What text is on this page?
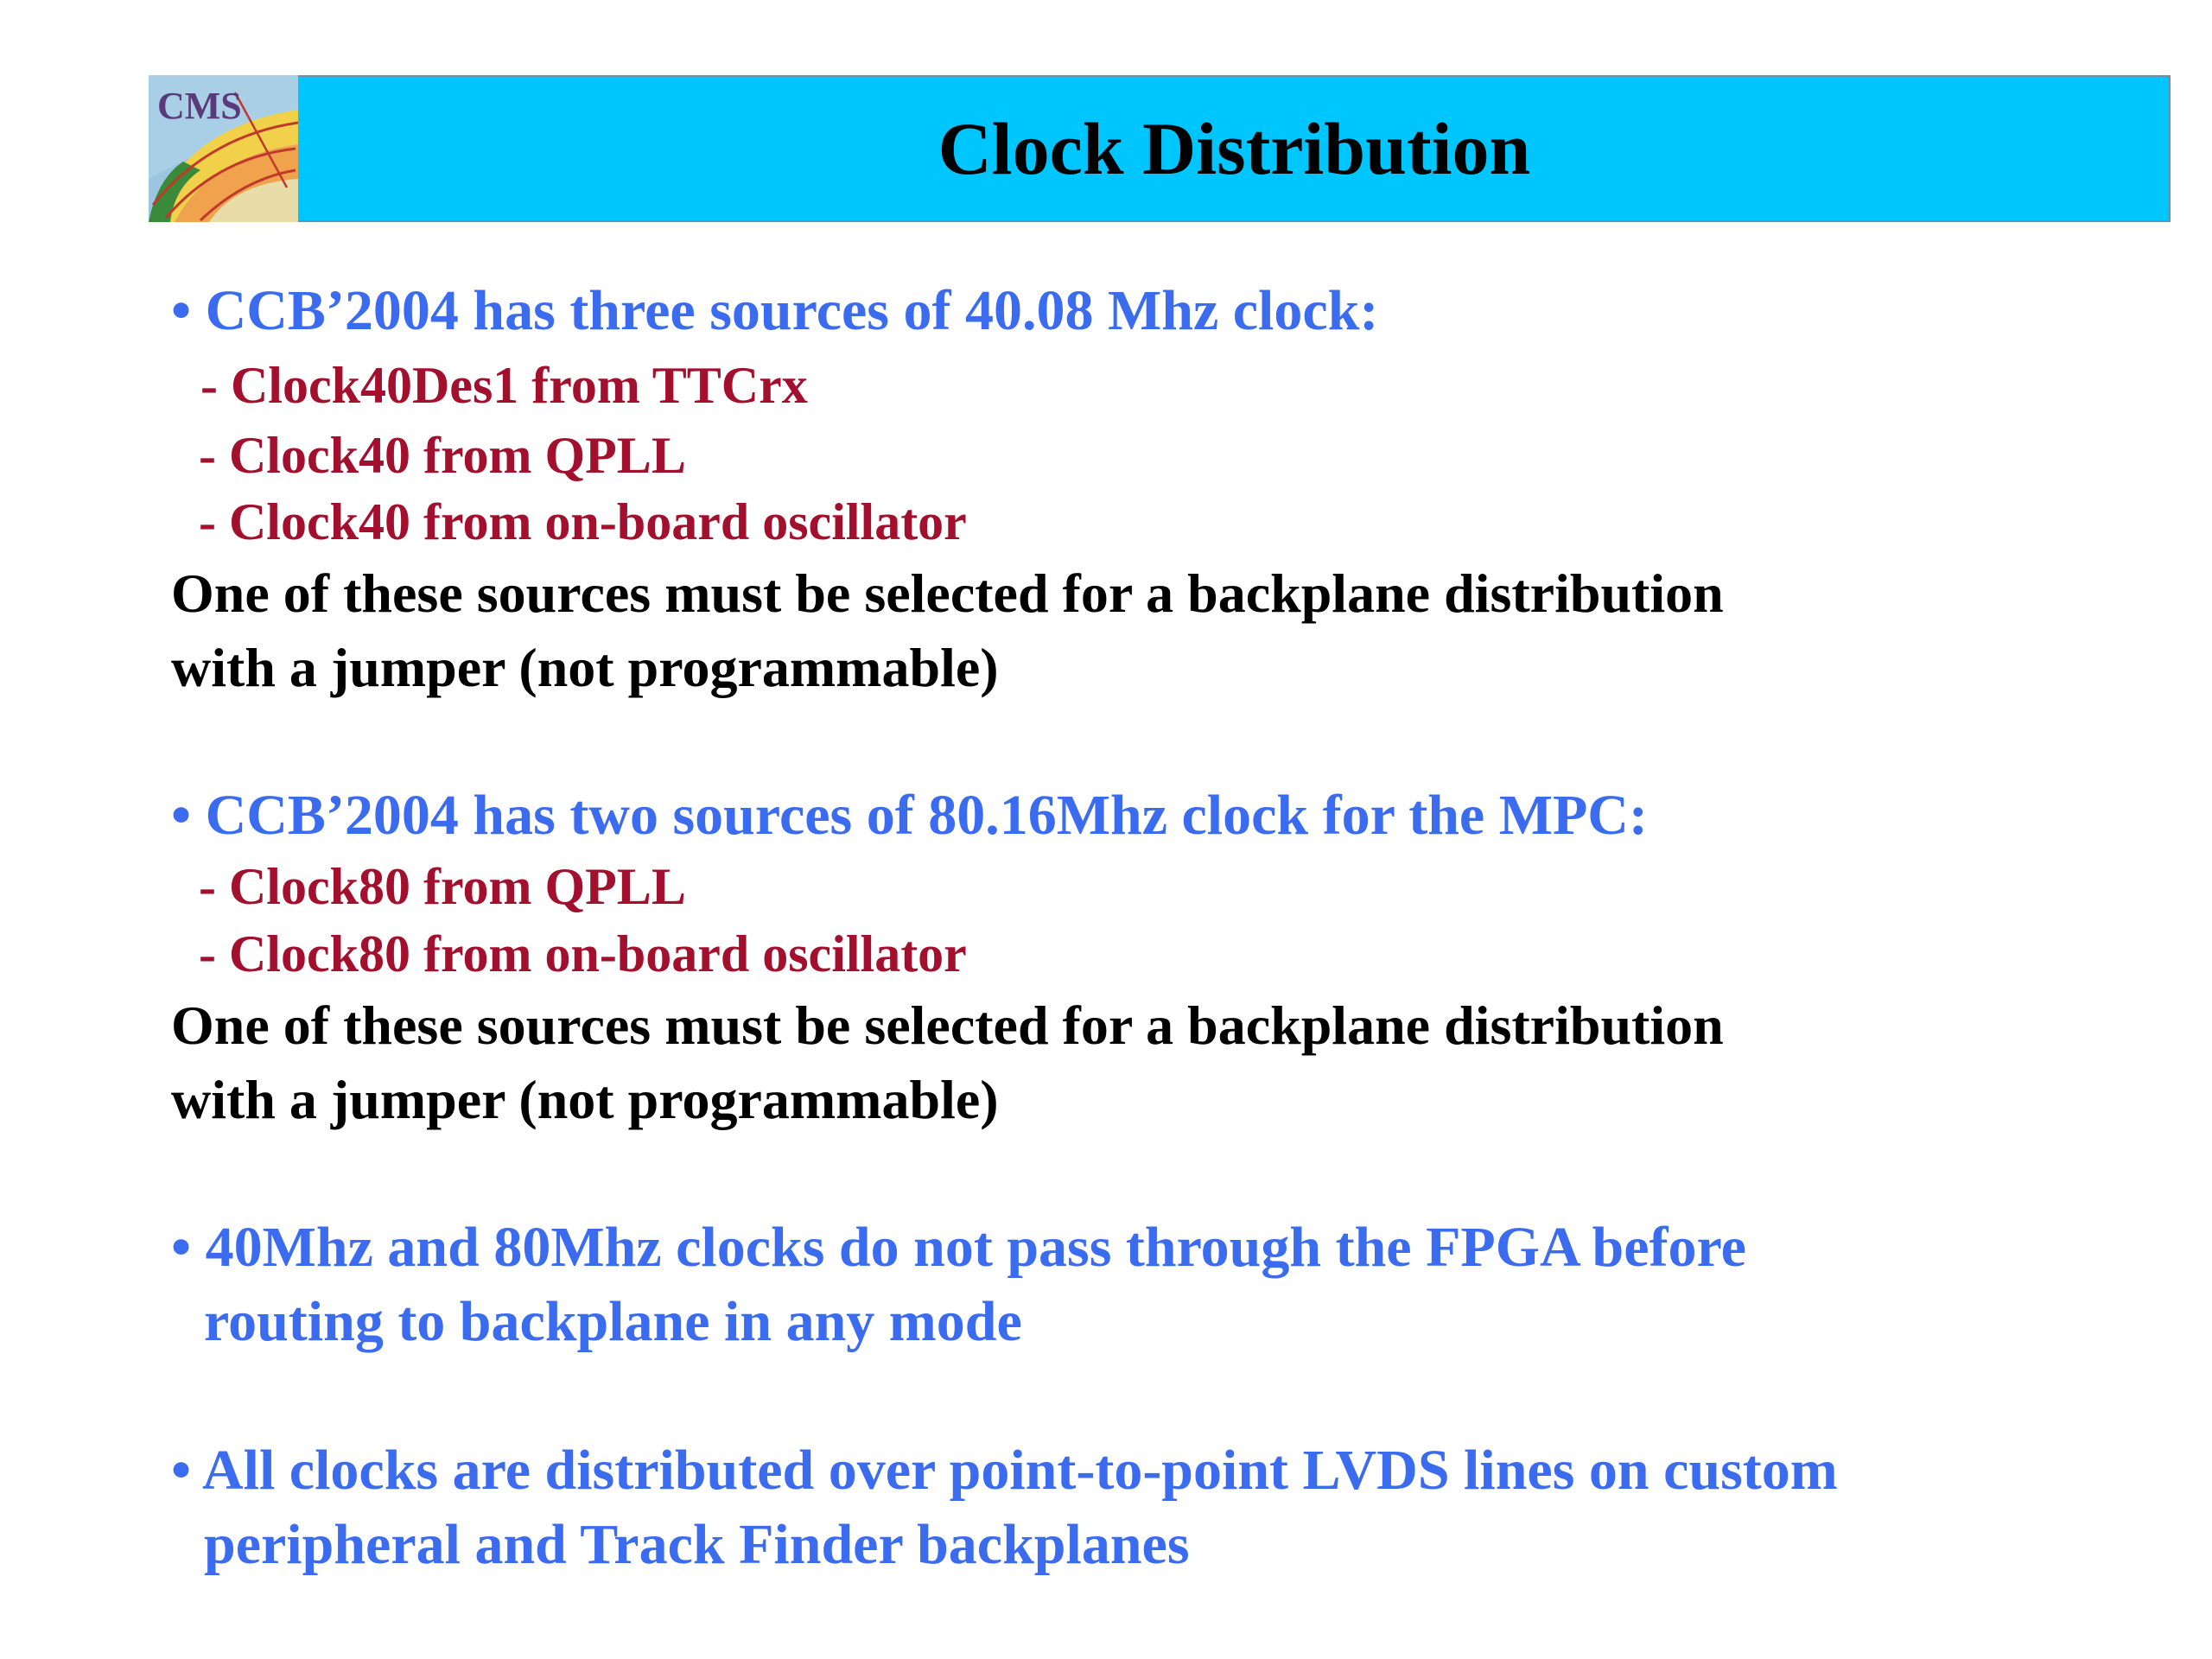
CMS
Clock Distribution
• CCB’2004 has three sources of 40.08 Mhz clock:
- Clock40Des1 from TTCrx
- Clock40 from QPLL
- Clock40 from on-board oscillator
One of these sources must be selected for a backplane distribution
with a jumper (not programmable)
• CCB’2004 has two sources of 80.16Mhz clock for the MPC:
- Clock80 from QPLL
- Clock80 from on-board oscillator
One of these sources must be selected for a backplane distribution
with a jumper (not programmable)
• 40Mhz and 80Mhz clocks do not pass through the FPGA before
routing to backplane in any mode
• All clocks are distributed over point-to-point LVDS lines on custom
peripheral and Track Finder backplanes
